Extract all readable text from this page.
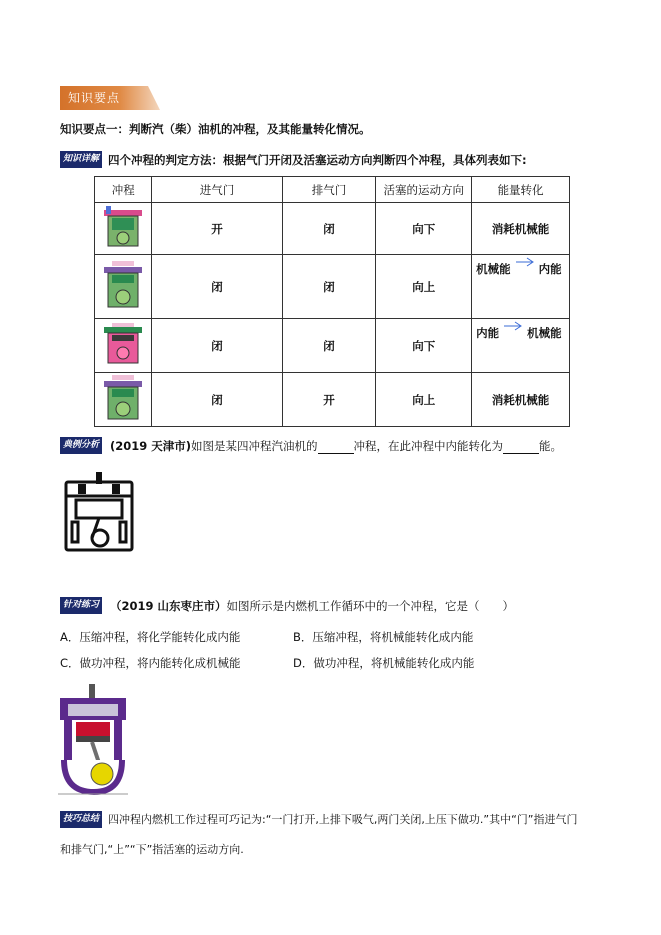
知识要点
知识要点一：判断汽（柴）油机的冲程，及其能量转化情况。
知识详解 四个冲程的判定方法：根据气门开闭及活塞运动方向判断四个冲程，具体列表如下:
冲程	进气门	排气门	活塞的运动方向	能量转化
	开	闭	向下	消耗机械能
	闭	闭	向上	机械能 内能
	闭	闭	向下	内能 机械能
	闭	开	向上	消耗机械能
典例分析 (2019 天津市)如图是某四冲程汽油机的	冲程，在此冲程中内能转化为	能。
针对练习 （2019 山东枣庄市）如图所示是内燃机工作循环中的一个冲程，它是（　　）
A．压缩冲程，将化学能转化成内能	B．压缩冲程，将机械能转化成内能
C．做功冲程，将内能转化成机械能	D．做功冲程，将机械能转化成内能
技巧总结 四冲程内燃机工作过程可巧记为:“一门打开,上排下吸气,两门关闭,上压下做功.”其中“门”指进气门
和排气门,“上”“下”指活塞的运动方向.
